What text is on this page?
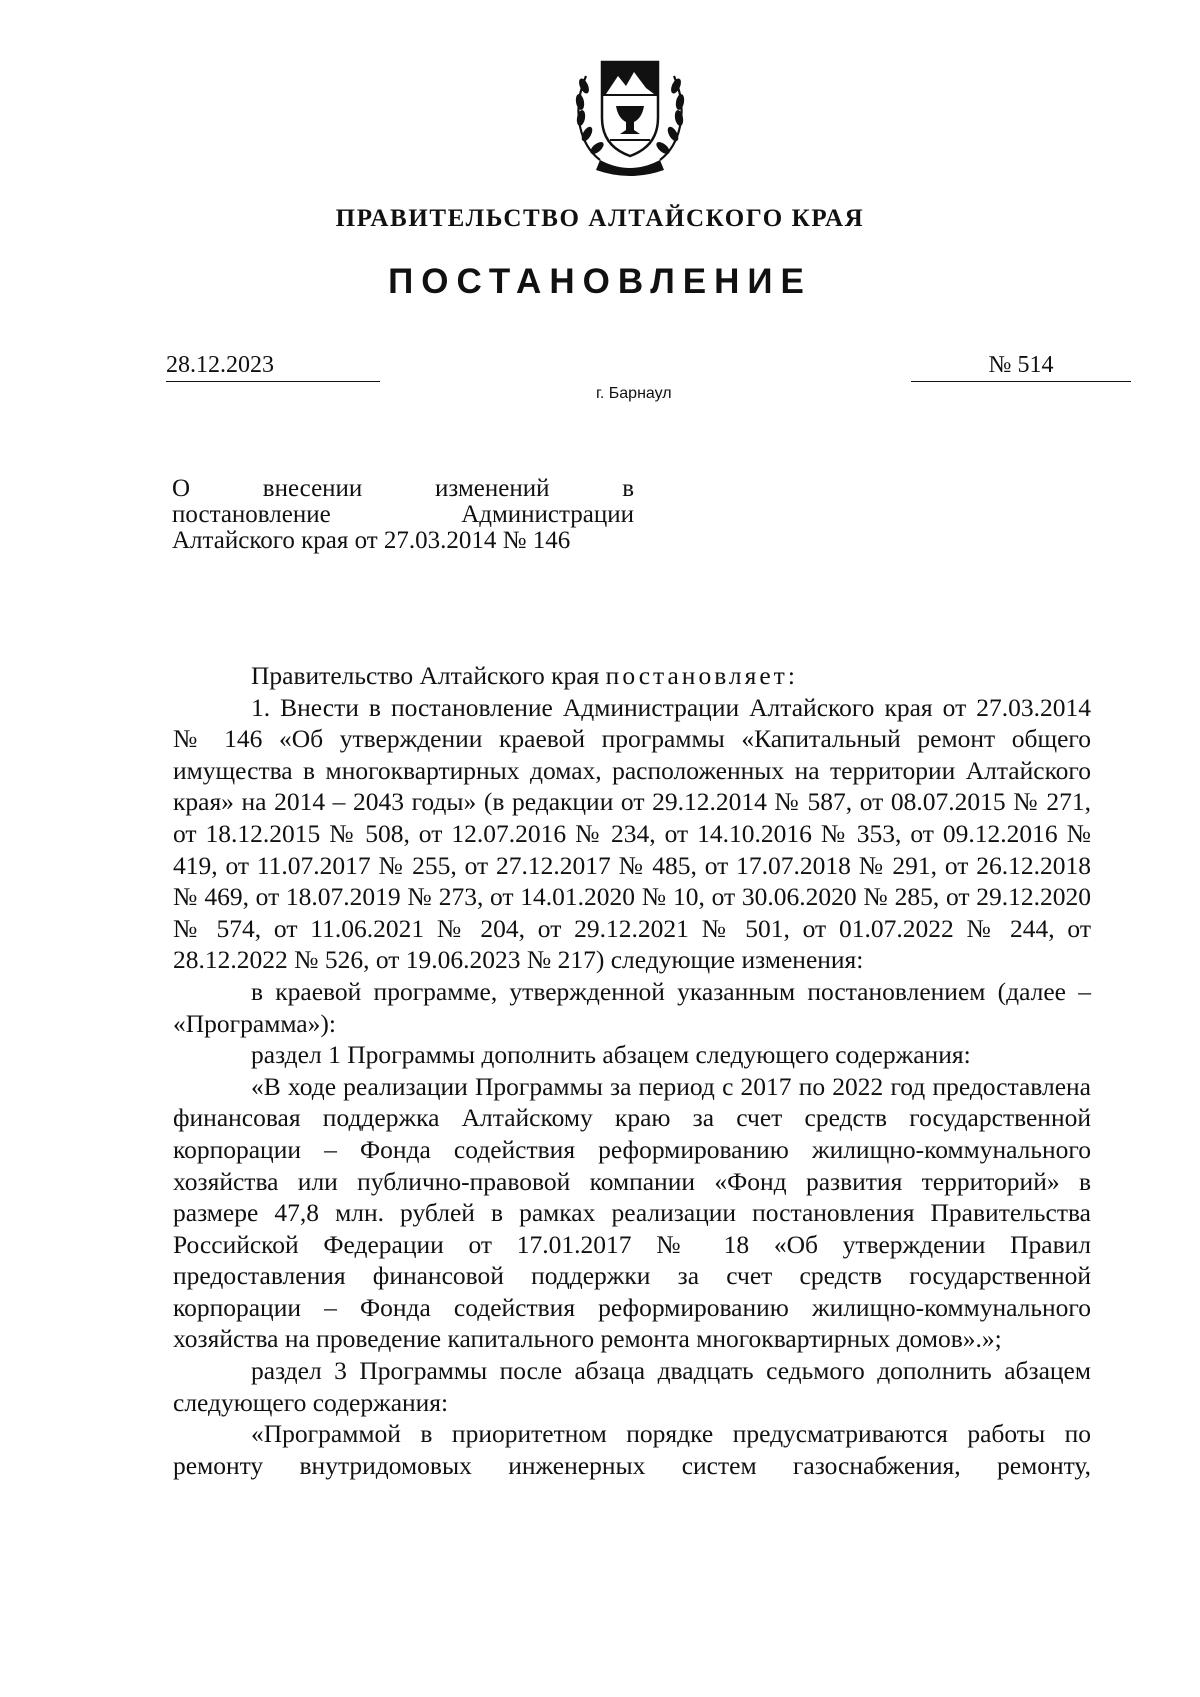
ПРАВИТЕЛЬСТВО АЛТАЙСКОГО КРАЯ
ПОСТАНОВЛЕНИЕ
28.12.2023	№ 514
г. Барнаул
О внесении изменений в
постановление Администрации
Алтайского края от 27.03.2014 № 146

Правительство Алтайского края постановляет:

1. Внести в постановление Администрации Алтайского края от 27.03.2014 № 146 «Об утверждении краевой программы «Капитальный ремонт общего имущества в многоквартирных домах, расположенных на территории Алтайского края» на 2014 – 2043 годы» (в редакции от 29.12.2014 № 587, от 08.07.2015 № 271, от 18.12.2015 № 508, от 12.07.2016 № 234, от 14.10.2016 № 353, от 09.12.2016 № 419, от 11.07.2017 № 255, от 27.12.2017 № 485, от 17.07.2018 № 291, от 26.12.2018 № 469, от 18.07.2019 № 273, от 14.01.2020 № 10, от 30.06.2020 № 285, от 29.12.2020 № 574, от 11.06.2021 № 204, от 29.12.2021 № 501, от 01.07.2022 № 244, от 28.12.2022 № 526, от 19.06.2023 № 217) следующие изменения:

в краевой программе, утвержденной указанным постановлением (далее – «Программа»):

раздел 1 Программы дополнить абзацем следующего содержания:

«В ходе реализации Программы за период с 2017 по 2022 год предоставлена финансовая поддержка Алтайскому краю за счет средств государственной корпорации – Фонда содействия реформированию жилищно-коммунального хозяйства или публично-правовой компании «Фонд развития территорий» в размере 47,8 млн. рублей в рамках реализации постановления Правительства Российской Федерации от 17.01.2017 № 18 «Об утверждении Правил предоставления финансовой поддержки за счет средств государственной корпорации – Фонда содействия реформированию жилищно-коммунального хозяйства на проведение капитального ремонта многоквартирных домов».»;

раздел 3 Программы после абзаца двадцать седьмого дополнить абзацем следующего содержания:

«Программой в приоритетном порядке предусматриваются работы по ремонту внутридомовых инженерных систем газоснабжения, ремонту,
